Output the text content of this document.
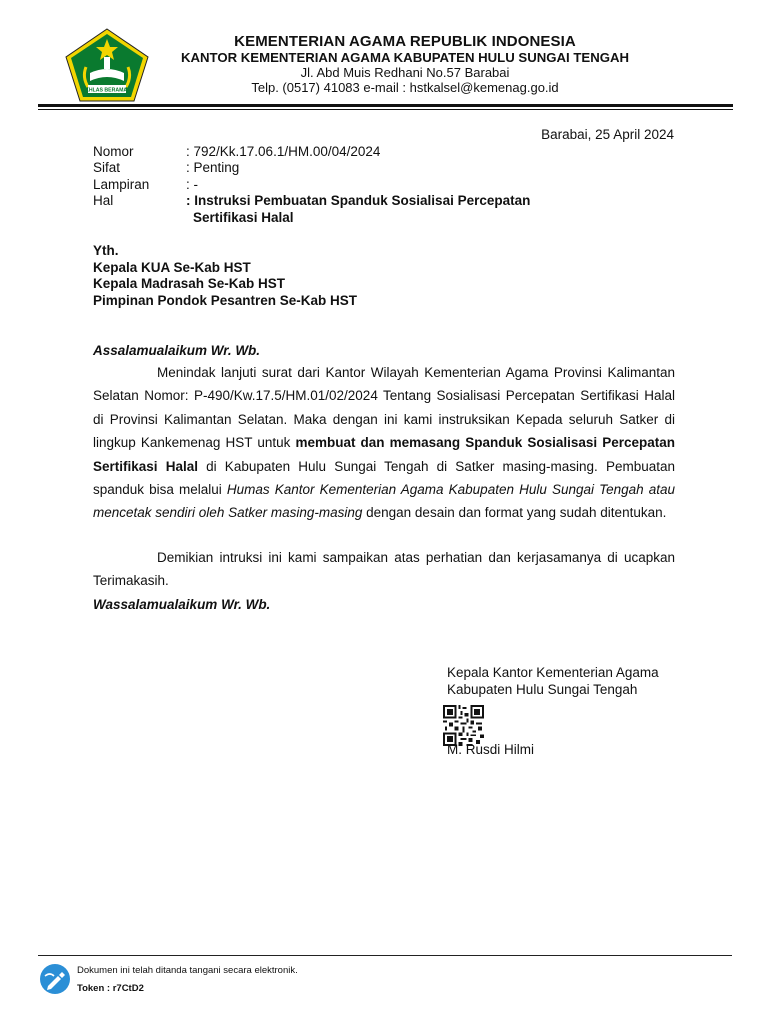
IKHLAS BERAMAL
KEMENTERIAN AGAMA REPUBLIK INDONESIA
KANTOR KEMENTERIAN AGAMA KABUPATEN HULU SUNGAI TENGAH
Jl. Abd Muis Redhani No.57 Barabai
Telp. (0517) 41083 e-mail : hstkalsel@kemenag.go.id
Barabai, 25 April 2024
Nomor	: 792/Kk.17.06.1/HM.00/04/2024
Sifat	: Penting
Lampiran	: -
Hal	: Instruksi Pembuatan Spanduk Sosialisai Percepatan
Sertifikasi Halal
Yth.
Kepala KUA Se-Kab HST
Kepala Madrasah Se-Kab HST
Pimpinan Pondok Pesantren Se-Kab HST
Assalamualaikum Wr. Wb.

Menindak lanjuti surat dari Kantor Wilayah Kementerian Agama Provinsi Kalimantan Selatan Nomor: P-490/Kw.17.5/HM.01/02/2024 Tentang Sosialisasi Percepatan Sertifikasi Halal di Provinsi Kalimantan Selatan. Maka dengan ini kami instruksikan Kepada seluruh Satker di lingkup Kankemenag HST untuk membuat dan memasang Spanduk Sosialisasi Percepatan Sertifikasi Halal di Kabupaten Hulu Sungai Tengah di Satker masing-masing. Pembuatan spanduk bisa melalui Humas Kantor Kementerian Agama Kabupaten Hulu Sungai Tengah atau mencetak sendiri oleh Satker masing-masing dengan desain dan format yang sudah ditentukan.

Demikian intruksi ini kami sampaikan atas perhatian dan kerjasamanya di ucapkan Terimakasih.

Wassalamualaikum Wr. Wb.
Kepala Kantor Kementerian Agama
Kabupaten Hulu Sungai Tengah
M. Rusdi Hilmi
Dokumen ini telah ditanda tangani secara elektronik.
Token : r7CtD2
